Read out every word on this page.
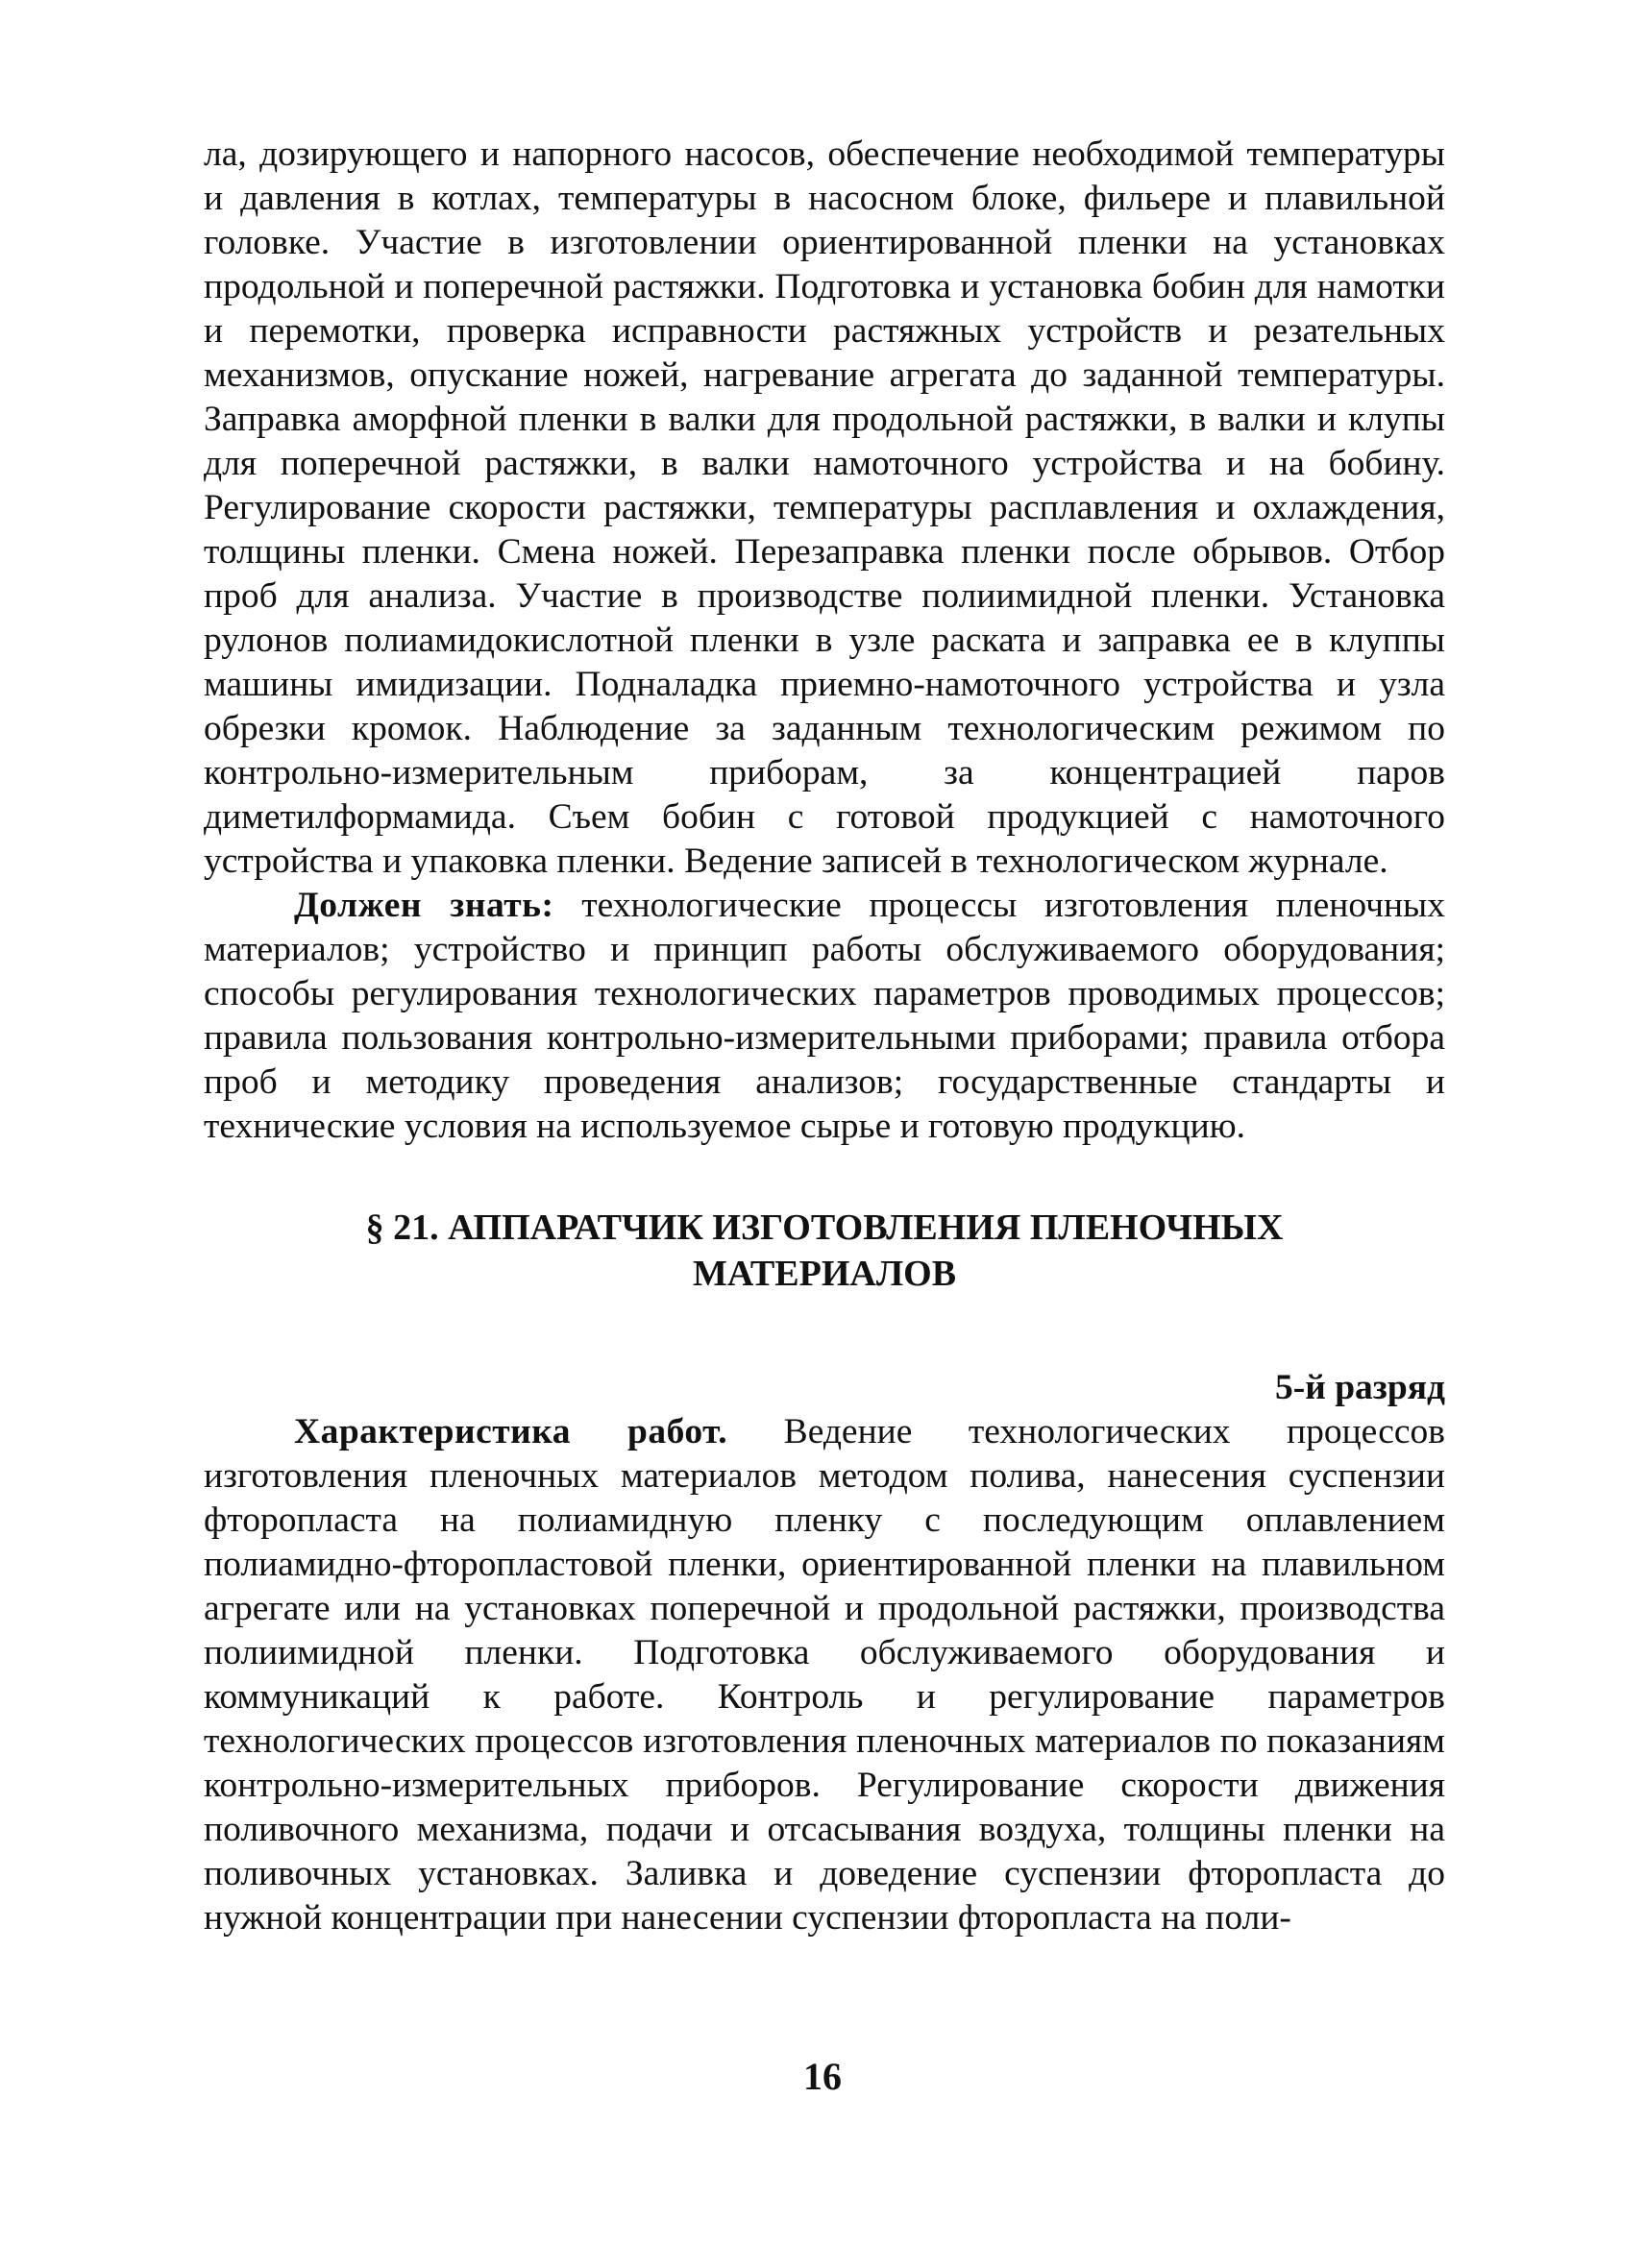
ла, дозирующего и напорного насосов, обеспечение необходимой температуры и давления в котлах, температуры в насосном блоке, фильере и плавильной головке. Участие в изготовлении ориентированной пленки на установках продольной и поперечной растяжки. Подготовка и установка бобин для намотки и перемотки, проверка исправности растяжных устройств и резательных механизмов, опускание ножей, нагревание агрегата до заданной температуры. Заправка аморфной пленки в валки для продольной растяжки, в валки и клупы для поперечной растяжки, в валки намоточного устройства и на бобину. Регулирование скорости растяжки, температуры расплавления и охлаждения, толщины пленки. Смена ножей. Перезаправка пленки после обрывов. Отбор проб для анализа. Участие в производстве полиимидной пленки. Установка рулонов полиамидокислотной пленки в узле раската и заправка ее в клуппы машины имидизации. Подналадка приемно-намоточного устройства и узла обрезки кромок. Наблюдение за заданным технологическим режимом по контрольно-измерительным приборам, за концентрацией паров диметилформамида. Съем бобин с готовой продукцией с намоточного устройства и упаковка пленки. Ведение записей в технологическом журнале.

Должен знать: технологические процессы изготовления пленочных материалов; устройство и принцип работы обслуживаемого оборудования; способы регулирования технологических параметров проводимых процессов; правила пользования контрольно-измерительными приборами; правила отбора проб и методику проведения анализов; государственные стандарты и технические условия на используемое сырье и готовую продукцию.

§ 21. АППАРАТЧИК ИЗГОТОВЛЕНИЯ ПЛЕНОЧНЫХ
МАТЕРИАЛОВ

5-й разряд

Характеристика работ. Ведение технологических процессов изготовления пленочных материалов методом полива, нанесения суспензии фторопласта на полиамидную пленку с последующим оплавлением полиамидно-фторопластовой пленки, ориентированной пленки на плавильном агрегате или на установках поперечной и продольной растяжки, производства полиимидной пленки. Подготовка обслуживаемого оборудования и коммуникаций к работе. Контроль и регулирование параметров технологических процессов изготовления пленочных материалов по показаниям контрольно-измерительных приборов. Регулирование скорости движения поливочного механизма, подачи и отсасывания воздуха, толщины пленки на поливочных установках. Заливка и доведение суспензии фторопласта до нужной концентрации при нанесении суспензии фторопласта на поли-

16
